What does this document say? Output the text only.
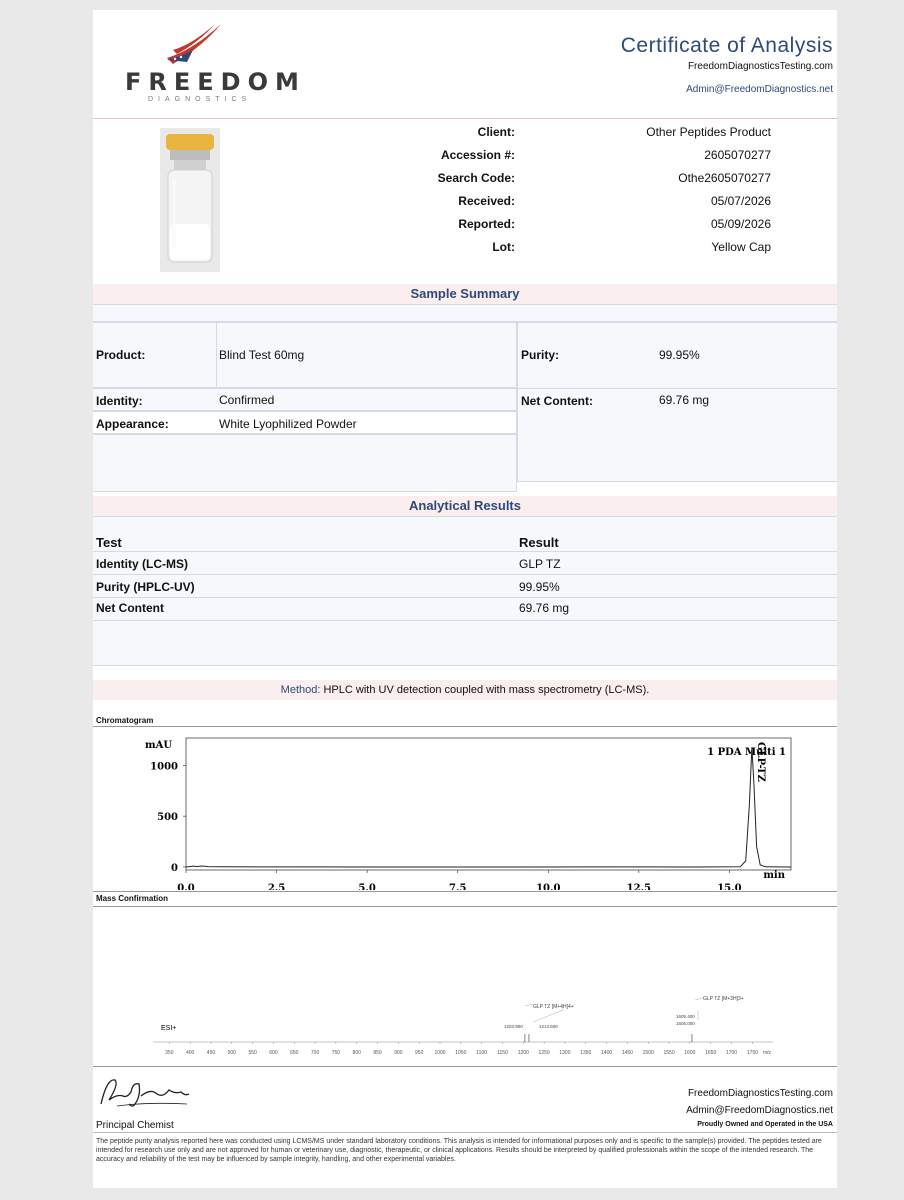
FREEDOM
DIAGNOSTICS
Certificate of Analysis
FreedomDiagnosticsTesting.com
Admin@FreedomDiagnostics.net
Client:	Other Peptides Product
Accession #:	2605070277
Search Code:	Othe2605070277
Received:	05/07/2026
Reported:	05/09/2026
Lot:	Yellow Cap
Sample Summary
Product:	Blind Test 60mg	Purity:	99.95%
Identity:	Confirmed	Net Content:	69.76 mg
Appearance:	White Lyophilized Powder
Analytical Results
Test	Result
Identity (LC-MS)	GLP TZ
Purity (HPLC-UV)	99.95%
Net Content	69.76 mg
Method: HPLC with UV detection coupled with mass spectrometry (LC-MS).
Chromatogram
mAU
min
1 PDA Multi 1
0.0	2.5	5.0	7.5	10.0	12.5	15.0
0
500
1000	GLP-TZ
Mass Confirmation
ESI+
350 400 450 500 550 600 650 700 750 800 850 900 950 1000 1050 1100 1150 1200 1250 1300 1350 1400 1450 1500 1550 1600 1650 1700 1750 m/z
GLP TZ [M+4H]4+
1203.900	1213.600
GLP TZ [M+3H]3+
1605.400
1605.000
Principal Chemist
FreedomDiagnosticsTesting.com
Admin@FreedomDiagnostics.net
Proudly Owned and Operated in the USA
The peptide purity analysis reported here was conducted using LCMS/MS under standard laboratory conditions. This analysis is intended for informational purposes only and is specific to the sample(s) provided. The peptides tested are intended for research use only and are not approved for human or veterinary use, diagnostic, therapeutic, or clinical applications. Results should be interpreted by qualified professionals within the scope of the intended research. The accuracy and reliability of the test may be influenced by sample integrity, handling, and other experimental variables.
